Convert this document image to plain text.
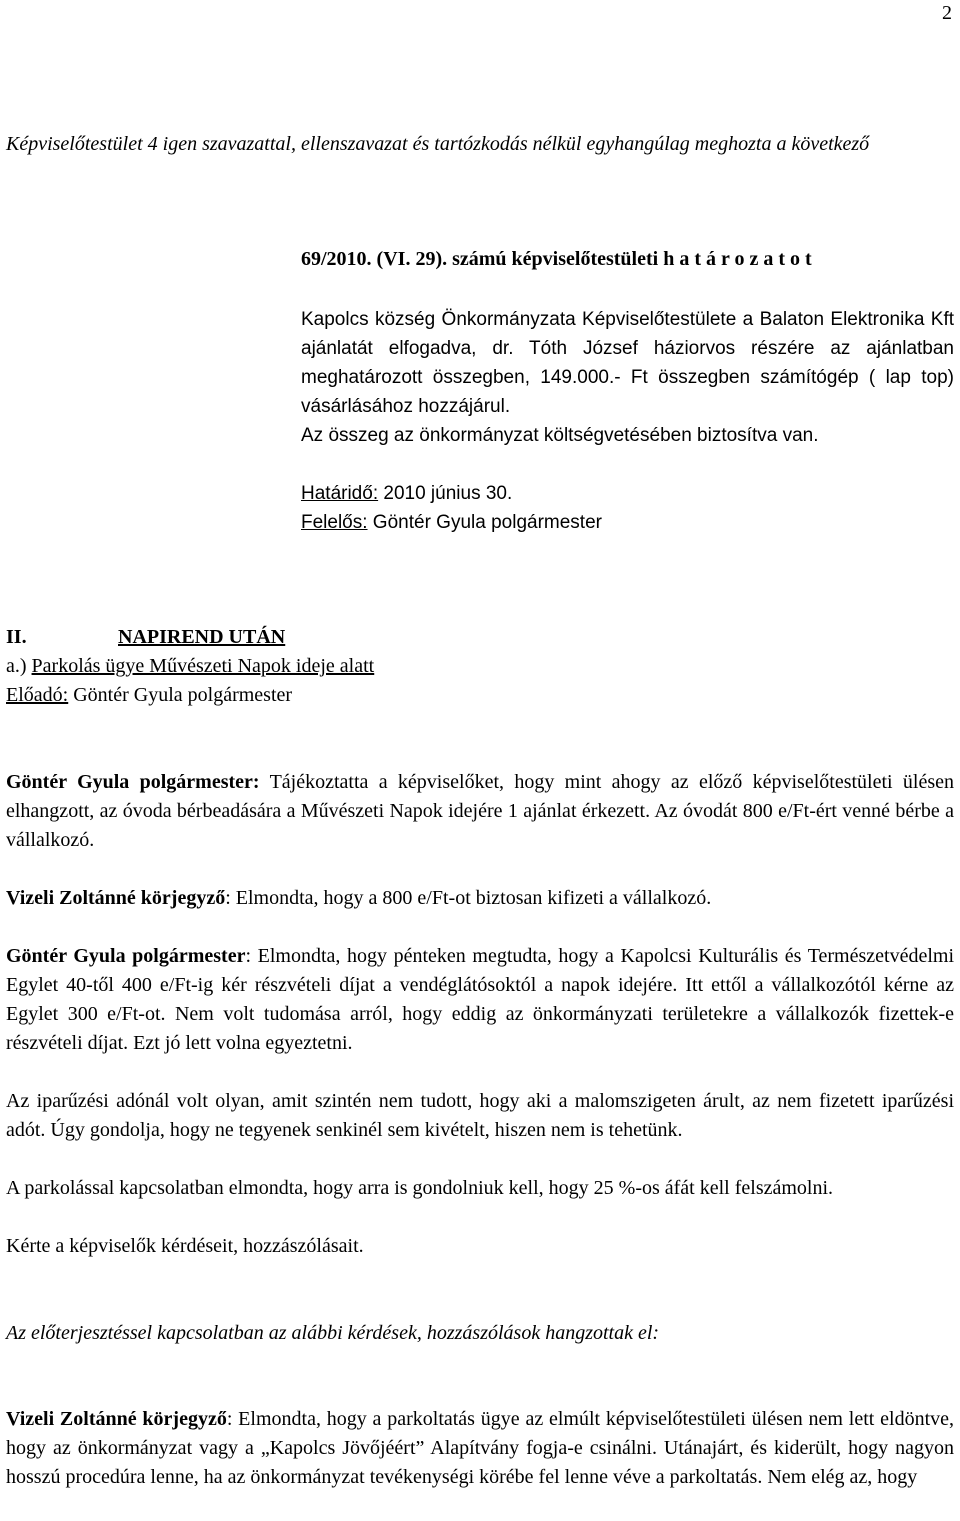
2

Képviselőtestület 4 igen szavazattal, ellenszavazat és tartózkodás nélkül egyhangúlag meghozta a következő

69/2010. (VI. 29). számú képviselőtestületi h a t á r o z a t o t

Kapolcs község Önkormányzata Képviselőtestülete a Balaton Elektronika Kft ajánlatát elfogadva, dr. Tóth József háziorvos részére az ajánlatban meghatározott összegben, 149.000.- Ft összegben számítógép ( lap top) vásárlásához hozzájárul.

Az összeg az önkormányzat költségvetésében biztosítva van.

Határidő: 2010 június 30.

Felelős: Göntér Gyula polgármester

II.	NAPIREND UTÁN

a.) Parkolás ügye Művészeti Napok ideje alatt

Előadó: Göntér Gyula polgármester

Göntér Gyula polgármester: Tájékoztatta a képviselőket, hogy mint ahogy az előző képviselőtestületi ülésen elhangzott, az óvoda bérbeadására a Művészeti Napok idejére 1 ajánlat érkezett. Az óvodát 800 e/Ft-ért venné bérbe a vállalkozó.

Vizeli Zoltánné körjegyző: Elmondta, hogy a 800 e/Ft-ot biztosan kifizeti a vállalkozó.

Göntér Gyula polgármester: Elmondta, hogy pénteken megtudta, hogy a Kapolcsi Kulturális és Természetvédelmi Egylet 40-től 400 e/Ft-ig kér részvételi díjat a vendéglátósoktól a napok idejére. Itt ettől a vállalkozótól kérne az Egylet 300 e/Ft-ot. Nem volt tudomása arról, hogy eddig az önkormányzati területekre a vállalkozók fizettek-e részvételi díjat. Ezt jó lett volna egyeztetni.

Az iparűzési adónál volt olyan, amit szintén nem tudott, hogy aki a malomszigeten árult, az nem fizetett iparűzési adót. Úgy gondolja, hogy ne tegyenek senkinél sem kivételt, hiszen nem is tehetünk.

A parkolással kapcsolatban elmondta, hogy arra is gondolniuk kell, hogy 25 %-os áfát kell felszámolni.

Kérte a képviselők kérdéseit, hozzászólásait.

Az előterjesztéssel kapcsolatban az alábbi kérdések, hozzászólások hangzottak el:

Vizeli Zoltánné körjegyző: Elmondta, hogy a parkoltatás ügye az elmúlt képviselőtestületi ülésen nem lett eldöntve, hogy az önkormányzat vagy a „Kapolcs Jövőjéért” Alapítvány fogja-e csinálni. Utánajárt, és kiderült, hogy nagyon hosszú procedúra lenne, ha az önkormányzat tevékenységi körébe fel lenne véve a parkoltatás. Nem elég az, hogy
